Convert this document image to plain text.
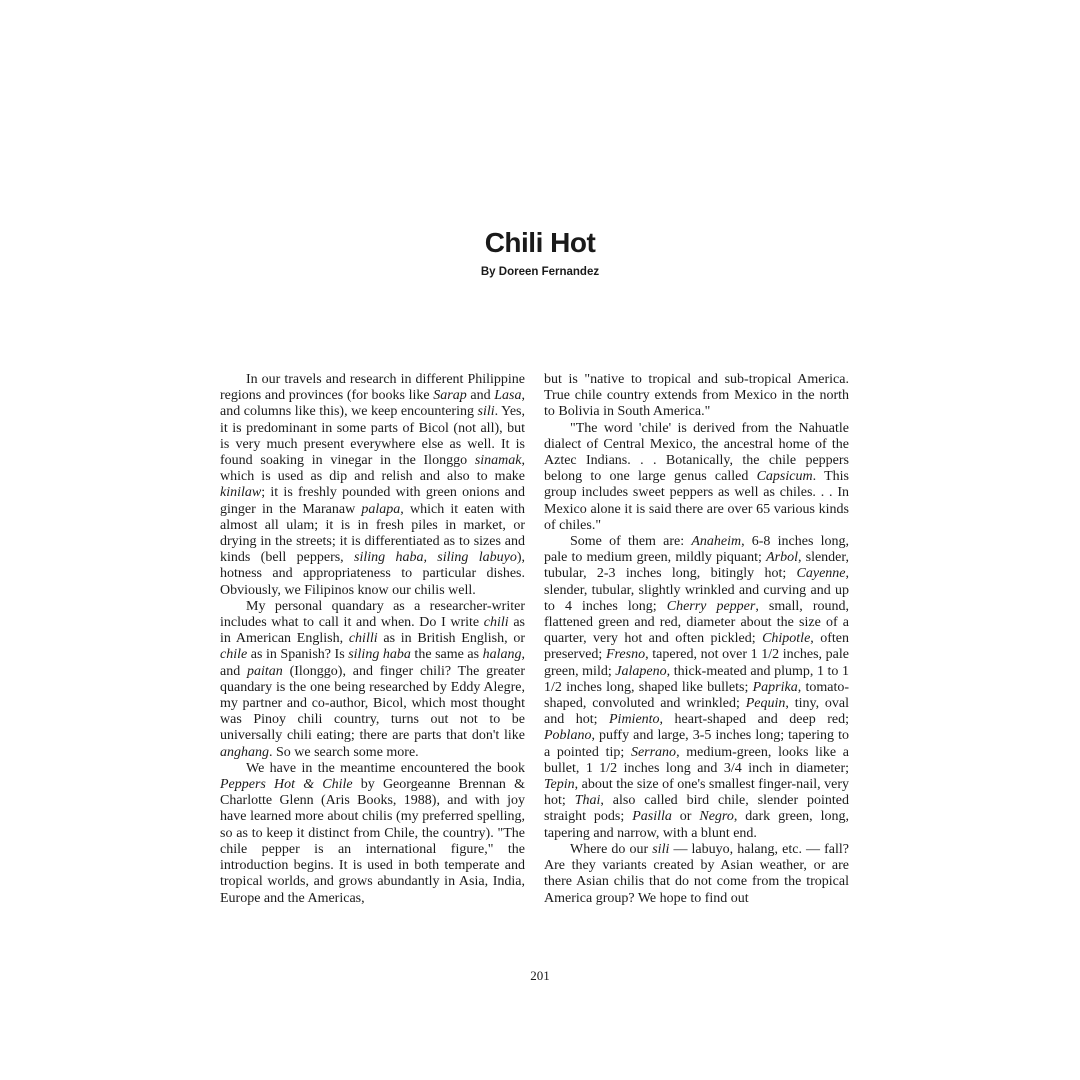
Chili Hot
By Doreen Fernandez

In our travels and research in different Philippine regions and provinces (for books like Sarap and Lasa, and columns like this), we keep encountering sili. Yes, it is predominant in some parts of Bicol (not all), but is very much present everywhere else as well. It is found soaking in vinegar in the Ilonggo sinamak, which is used as dip and relish and also to make kinilaw; it is freshly pounded with green onions and ginger in the Maranaw palapa, which it eaten with almost all ulam; it is in fresh piles in market, or drying in the streets; it is differentiated as to sizes and kinds (bell peppers, siling haba, siling labuyo), hotness and appropriateness to particular dishes. Obviously, we Filipinos know our chilis well.

My personal quandary as a researcher-writer includes what to call it and when. Do I write chili as in American English, chilli as in British English, or chile as in Spanish? Is siling haba the same as halang, and paitan (Ilonggo), and finger chili? The greater quandary is the one being researched by Eddy Alegre, my partner and co-author, Bicol, which most thought was Pinoy chili country, turns out not to be universally chili eating; there are parts that don't like anghang. So we search some more.

We have in the meantime encountered the book Peppers Hot & Chile by Georgeanne Brennan & Charlotte Glenn (Aris Books, 1988), and with joy have learned more about chilis (my preferred spelling, so as to keep it distinct from Chile, the country). "The chile pepper is an international figure," the introduction begins. It is used in both temperate and tropical worlds, and grows abundantly in Asia, India, Europe and the Americas,

but is "native to tropical and sub-tropical America. True chile country extends from Mexico in the north to Bolivia in South America."

"The word 'chile' is derived from the Nahuatle dialect of Central Mexico, the ancestral home of the Aztec Indians. . . Botanically, the chile peppers belong to one large genus called Capsicum. This group includes sweet peppers as well as chiles. . . In Mexico alone it is said there are over 65 various kinds of chiles."

Some of them are: Anaheim, 6-8 inches long, pale to medium green, mildly piquant; Arbol, slender, tubular, 2-3 inches long, bitingly hot; Cayenne, slender, tubular, slightly wrinkled and curving and up to 4 inches long; Cherry pepper, small, round, flattened green and red, diameter about the size of a quarter, very hot and often pickled; Chipotle, often preserved; Fresno, tapered, not over 1 1/2 inches, pale green, mild; Jalapeno, thick-meated and plump, 1 to 1 1/2 inches long, shaped like bullets; Paprika, tomato-shaped, convoluted and wrinkled; Pequin, tiny, oval and hot; Pimiento, heart-shaped and deep red; Poblano, puffy and large, 3-5 inches long; tapering to a pointed tip; Serrano, medium-green, looks like a bullet, 1 1/2 inches long and 3/4 inch in diameter; Tepin, about the size of one's smallest finger-nail, very hot; Thai, also called bird chile, slender pointed straight pods; Pasilla or Negro, dark green, long, tapering and narrow, with a blunt end.

Where do our sili — labuyo, halang, etc. — fall? Are they variants created by Asian weather, or are there Asian chilis that do not come from the tropical America group? We hope to find out

201
